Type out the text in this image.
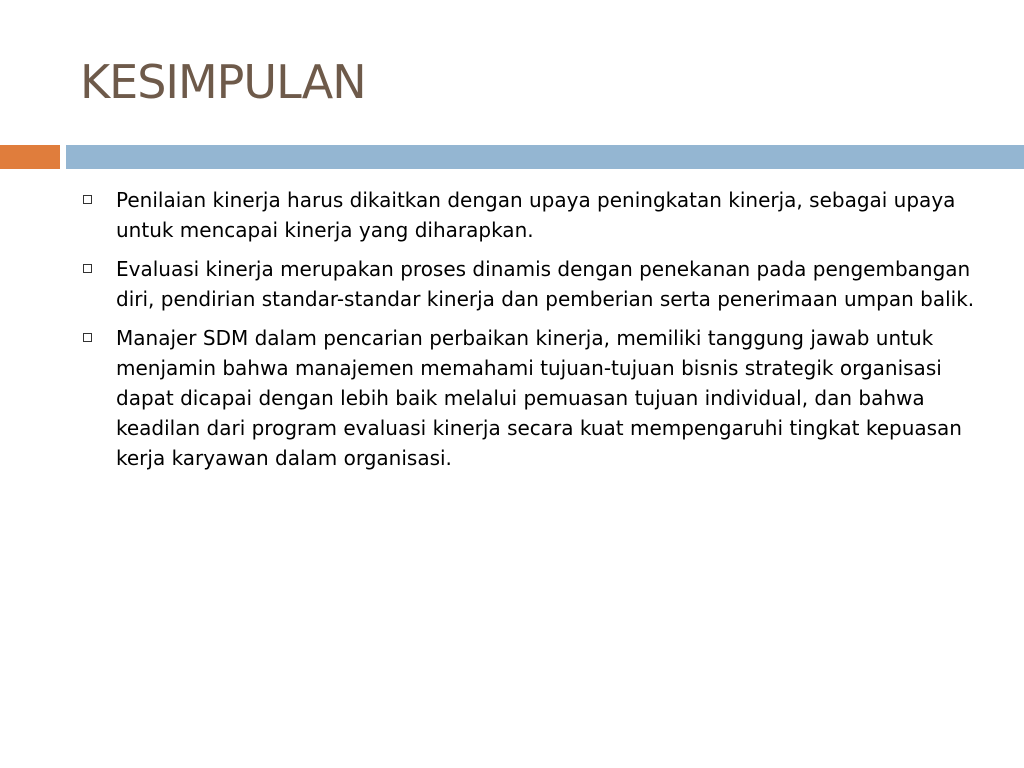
KESIMPULAN
Penilaian kinerja harus dikaitkan dengan upaya peningkatan kinerja, sebagai upaya untuk mencapai kinerja yang diharapkan.
Evaluasi kinerja merupakan proses dinamis dengan penekanan pada pengembangan diri, pendirian standar-standar kinerja dan pemberian serta penerimaan umpan balik.
Manajer SDM dalam pencarian perbaikan kinerja, memiliki tanggung jawab untuk menjamin bahwa manajemen memahami tujuan-tujuan bisnis strategik organisasi dapat dicapai dengan lebih baik melalui pemuasan tujuan individual, dan bahwa keadilan dari program evaluasi kinerja secara kuat mempengaruhi tingkat kepuasan kerja karyawan dalam organisasi.
